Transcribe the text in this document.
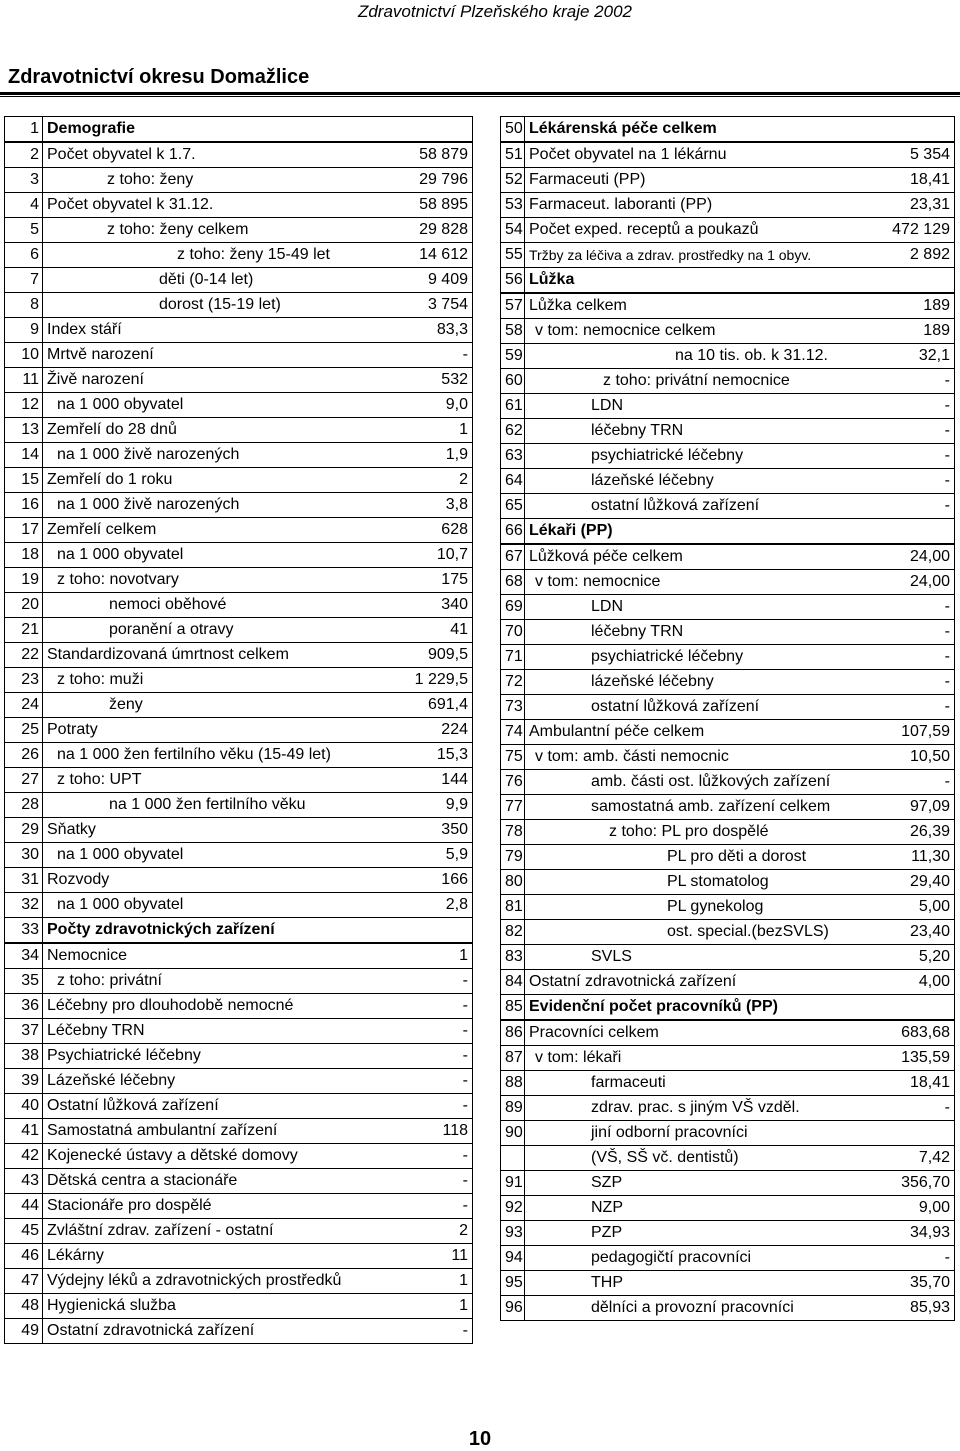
Zdravotnictví Plzeňského kraje 2002
Zdravotnictví okresu Domažlice
1	Demografie	
2	Počet obyvatel k 1.7.	58 879
3	z toho: ženy	29 796
4	Počet obyvatel k 31.12.	58 895
5	z toho: ženy celkem	29 828
6	z toho: ženy 15-49 let	14 612
7	děti (0-14 let)	9 409
8	dorost (15-19 let)	3 754
9	Index stáří	83,3
10	Mrtvě narození	-
11	Živě narození	532
12	na 1 000 obyvatel	9,0
13	Zemřelí do 28 dnů	1
14	na 1 000 živě narozených	1,9
15	Zemřelí do 1 roku	2
16	na 1 000 živě narozených	3,8
17	Zemřelí celkem	628
18	na 1 000 obyvatel	10,7
19	z toho: novotvary	175
20	nemoci oběhové	340
21	poranění a otravy	41
22	Standardizovaná úmrtnost celkem	909,5
23	z toho: muži	1 229,5
24	ženy	691,4
25	Potraty	224
26	na 1 000 žen fertilního věku (15-49 let)	15,3
27	z toho: UPT	144
28	na 1 000 žen fertilního věku	9,9
29	Sňatky	350
30	na 1 000 obyvatel	5,9
31	Rozvody	166
32	na 1 000 obyvatel	2,8
33	Počty zdravotnických zařízení	
34	Nemocnice	1
35	z toho: privátní	-
36	Léčebny pro dlouhodobě nemocné	-
37	Léčebny TRN	-
38	Psychiatrické léčebny	-
39	Lázeňské léčebny	-
40	Ostatní lůžková zařízení	-
41	Samostatná ambulantní zařízení	118
42	Kojenecké ústavy a dětské domovy	-
43	Dětská centra a stacionáře	-
44	Stacionáře pro dospělé	-
45	Zvláštní zdrav. zařízení - ostatní	2
46	Lékárny	11
47	Výdejny léků a zdravotnických prostředků	1
48	Hygienická služba	1
49	Ostatní zdravotnická zařízení	-
50	Lékárenská péče celkem	
51	Počet obyvatel na 1 lékárnu	5 354
52	Farmaceuti (PP)	18,41
53	Farmaceut. laboranti (PP)	23,31
54	Počet exped. receptů a poukazů	472 129
55	Tržby za léčiva a zdrav. prostředky na 1 obyv.	2 892
56	Lůžka	
57	Lůžka celkem	189
58	v tom: nemocnice celkem	189
59	na 10 tis. ob. k 31.12.	32,1
60	z toho: privátní nemocnice	-
61	LDN	-
62	léčebny TRN	-
63	psychiatrické léčebny	-
64	lázeňské léčebny	-
65	ostatní lůžková zařízení	-
66	Lékaři (PP)	
67	Lůžková péče celkem	24,00
68	v tom: nemocnice	24,00
69	LDN	-
70	léčebny TRN	-
71	psychiatrické léčebny	-
72	lázeňské léčebny	-
73	ostatní lůžková zařízení	-
74	Ambulantní péče celkem	107,59
75	v tom: amb. části nemocnic	10,50
76	amb. části ost. lůžkových zařízení	-
77	samostatná amb. zařízení celkem	97,09
78	z toho: PL pro dospělé	26,39
79	PL pro děti a dorost	11,30
80	PL stomatolog	29,40
81	PL gynekolog	5,00
82	ost. special.(bezSVLS)	23,40
83	SVLS	5,20
84	Ostatní zdravotnická zařízení	4,00
85	Evidenční počet pracovníků (PP)	
86	Pracovníci celkem	683,68
87	v tom: lékaři	135,59
88	farmaceuti	18,41
89	zdrav. prac. s jiným VŠ vzděl.	-
90	jiní odborní pracovníci	
	(VŠ, SŠ vč. dentistů)	7,42
91	SZP	356,70
92	NZP	9,00
93	PZP	34,93
94	pedagogičtí pracovníci	-
95	THP	35,70
96	dělníci a provozní pracovníci	85,93
10
